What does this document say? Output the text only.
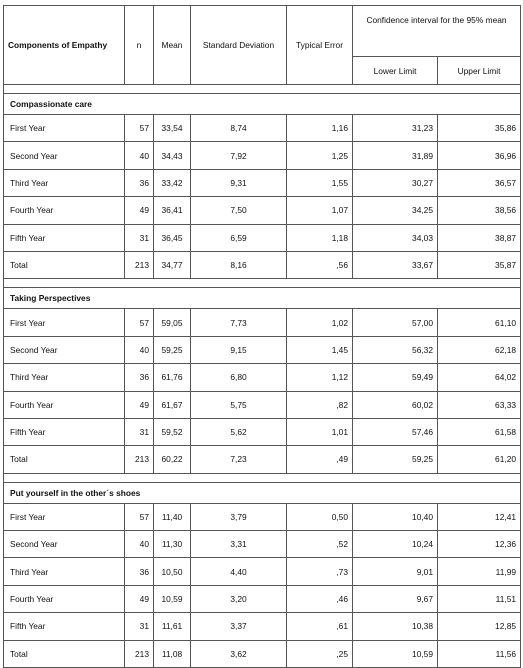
Components of Empathy	n	Mean	Standard Deviation	Typical Error	Confidence interval for the 95% mean	
					Lower Limit	Upper Limit

Compassionate care						
First Year	57	33,54	8,74	1,16	31,23	35,86
Second Year	40	34,43	7,92	1,25	31,89	36,96
Third Year	36	33,42	9,31	1,55	30,27	36,57
Fourth Year	49	36,41	7,50	1,07	34,25	38,56
Fifth Year	31	36,45	6,59	1,18	34,03	38,87
Total	213	34,77	8,16	,56	33,67	35,87

Taking Perspectives						
First Year	57	59,05	7,73	1,02	57,00	61,10
Second Year	40	59,25	9,15	1,45	56,32	62,18
Third Year	36	61,76	6,80	1,12	59,49	64,02
Fourth Year	49	61,67	5,75	,82	60,02	63,33
Fifth Year	31	59,52	5,62	1,01	57,46	61,58
Total	213	60,22	7,23	,49	59,25	61,20

Put yourself in the other´s shoes						
First Year	57	11,40	3,79	0,50	10,40	12,41
Second Year	40	11,30	3,31	,52	10,24	12,36
Third Year	36	10,50	4,40	,73	9,01	11,99
Fourth Year	49	10,59	3,20	,46	9,67	11,51
Fifth Year	31	11,61	3,37	,61	10,38	12,85
Total	213	11,08	3,62	,25	10,59	11,56
